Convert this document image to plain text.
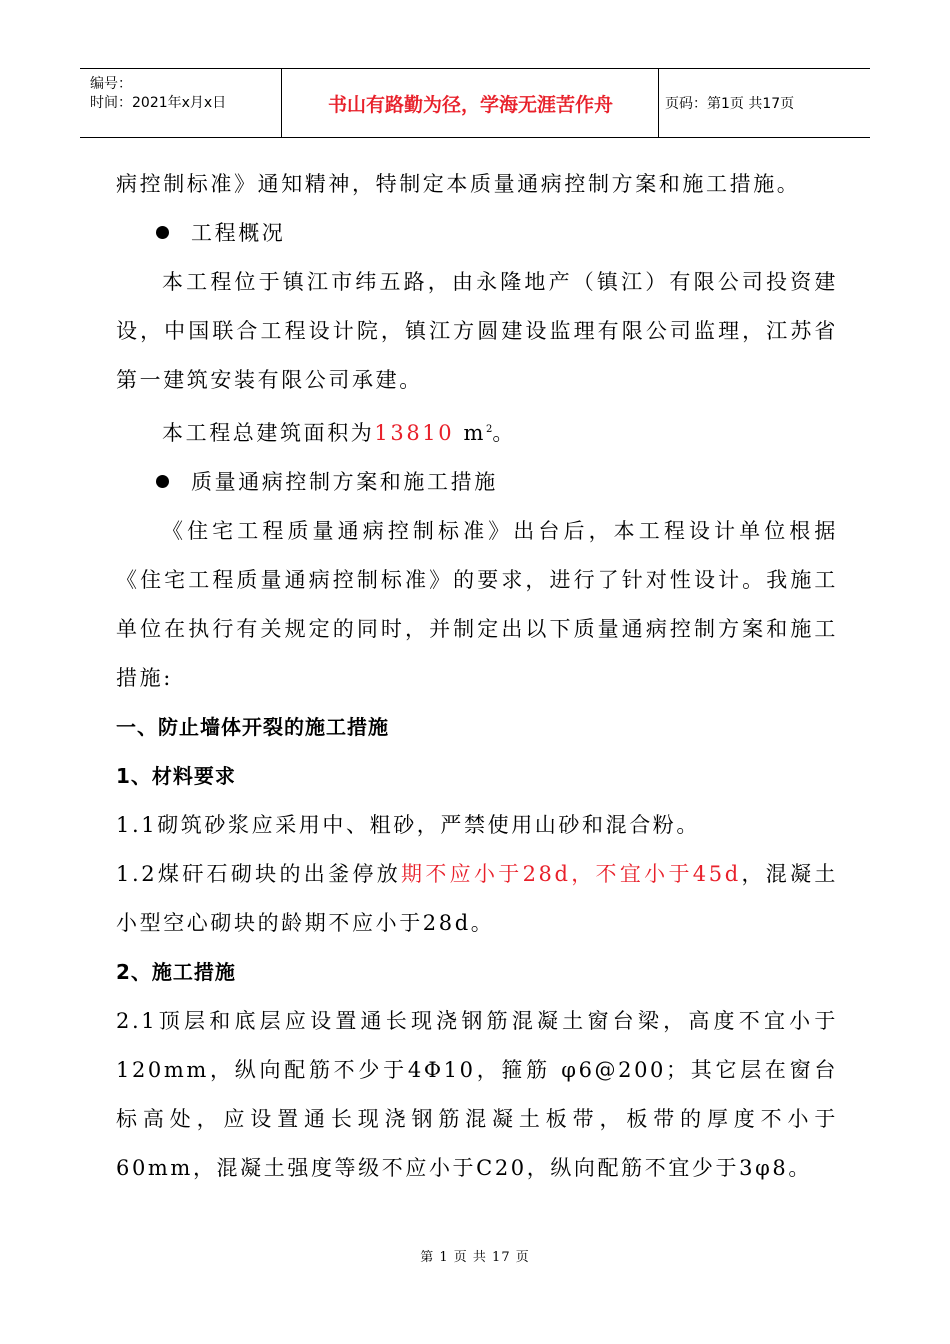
编号：
时间：2021年x月x日	书山有路勤为径，学海无涯苦作舟	页码：第1页 共17页

病控制标准》通知精神，特制定本质量通病控制方案和施工措施。

工程概况

本工程位于镇江市纬五路，由永隆地产（镇江）有限公司投资建设，中国联合工程设计院，镇江方圆建设监理有限公司监理，江苏省第一建筑安装有限公司承建。

本工程总建筑面积为13810 $m^2$。

质量通病控制方案和施工措施

《住宅工程质量通病控制标准》出台后，本工程设计单位根据《住宅工程质量通病控制标准》的要求，进行了针对性设计。我施工单位在执行有关规定的同时，并制定出以下质量通病控制方案和施工措施:

一、防止墙体开裂的施工措施

1、材料要求

1.1砌筑砂浆应采用中、粗砂，严禁使用山砂和混合粉。

1.2煤矸石砌块的出釜停放期不应小于28d，不宜小于45d，混凝土小型空心砌块的龄期不应小于28d。

2、施工措施

2.1顶层和底层应设置通长现浇钢筋混凝土窗台梁，高度不宜小于120mm，纵向配筋不少于4Φ10，箍筋 φ6@200；其它层在窗台标高处，应设置通长现浇钢筋混凝土板带，板带的厚度不小于60mm，混凝土强度等级不应小于C20，纵向配筋不宜少于3φ8。

第 1 页 共 17 页
